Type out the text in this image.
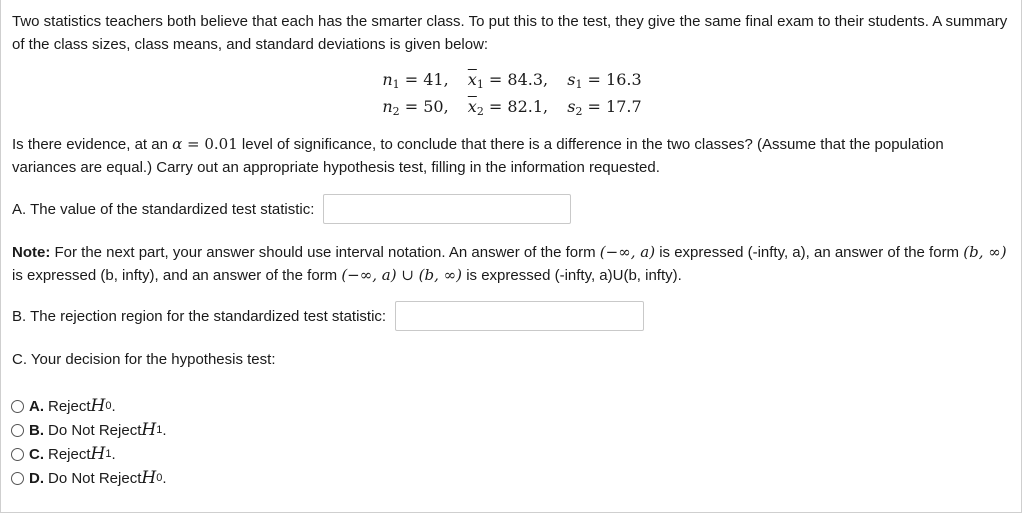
Two statistics teachers both believe that each has the smarter class. To put this to the test, they give the same final exam to their students. A summary of the class sizes, class means, and standard deviations is given below:
$n_1 = 41$, $\overline{x}_1 = 84.3$, $s_1 = 16.3$
$n_2 = 50$, $\overline{x}_2 = 82.1$, $s_2 = 17.7$
Is there evidence, at an α = 0.01 level of significance, to conclude that there is a difference in the two classes? (Assume that the population variances are equal.) Carry out an appropriate hypothesis test, filling in the information requested.
A. The value of the standardized test statistic:
Note: For the next part, your answer should use interval notation. An answer of the form (−∞, a) is expressed (-infty, a), an answer of the form (b, ∞) is expressed (b, infty), and an answer of the form (−∞, a) ∪ (b, ∞) is expressed (-infty, a)U(b, infty).
B. The rejection region for the standardized test statistic:
C. Your decision for the hypothesis test:
A. Reject H 0 .
B. Do Not Reject H 1 .
C. Reject H 1 .
D. Do Not Reject H 0 .
